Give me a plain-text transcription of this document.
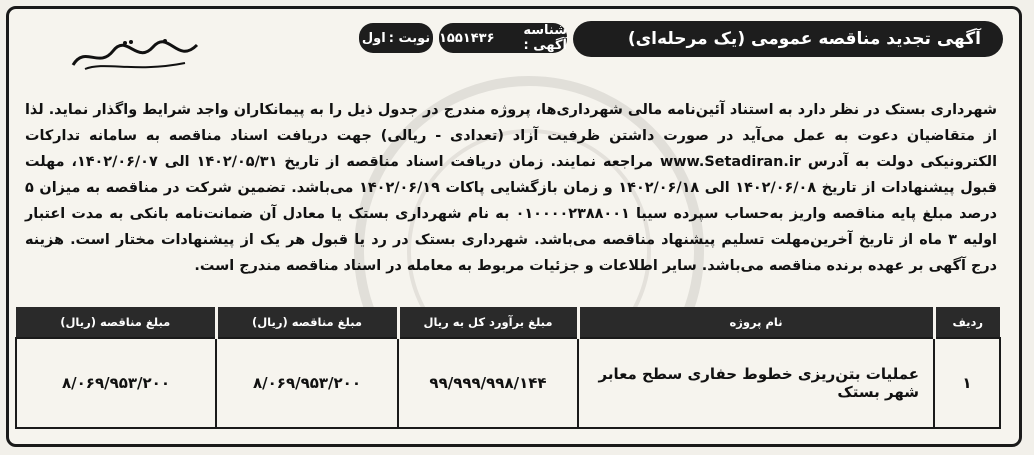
آگهی تجدید مناقصه عمومی (یک مرحله‌ای)
شناسه آگهی :
۱۵۵۱۴۳۶
نوبت :
اول
شهرداری بستک در نظر دارد به استناد آئین‌نامه مالی شهرداری‌ها، پروژه مندرج در جدول ذیل را به پیمانکاران واجد شرایط واگذار نماید. لذا از متقاضیان دعوت به عمل می‌آید در صورت داشتن ظرفیت آزاد (تعدادی - ریالی) جهت دریافت اسناد مناقصه به سامانه تدارکات الکترونیکی دولت به آدرس www.Setadiran.ir مراجعه نمایند. زمان دریافت اسناد مناقصه از تاریخ ۱۴۰۲/۰۵/۳۱ الی ۱۴۰۲/۰۶/۰۷، مهلت قبول پیشنهادات از تاریخ ۱۴۰۲/۰۶/۰۸ الی ۱۴۰۲/۰۶/۱۸ و زمان بازگشایی پاکات ۱۴۰۲/۰۶/۱۹ می‌باشد. تضمین شرکت در مناقصه به میزان ۵ درصد مبلغ پایه مناقصه واریز به‌حساب سپرده سیبا ۰۱۰۰۰۰۲۳۸۸۰۰۱ به نام شهرداری بستک یا معادل آن ضمانت‌نامه بانکی به مدت اعتبار اولیه ۳ ماه از تاریخ آخرین‌مهلت تسلیم پیشنهاد مناقصه می‌باشد. شهرداری بستک در رد یا قبول هر یک از پیشنهادات مختار است. هزینه درج آگهی بر عهده برنده مناقصه می‌باشد. سایر اطلاعات و جزئیات مربوط به معامله در اسناد مناقصه مندرج است.
ردیف	نام پروژه	مبلغ برآورد کل به ریال	مبلغ مناقصه (ریال)	مبلغ مناقصه (ریال)
۱	عملیات بتن‌ریزی خطوط حفاری سطح معابر شهر بستک	۹۹/۹۹۹/۹۹۸/۱۴۴	۸/۰۶۹/۹۵۳/۲۰۰	۸/۰۶۹/۹۵۳/۲۰۰
